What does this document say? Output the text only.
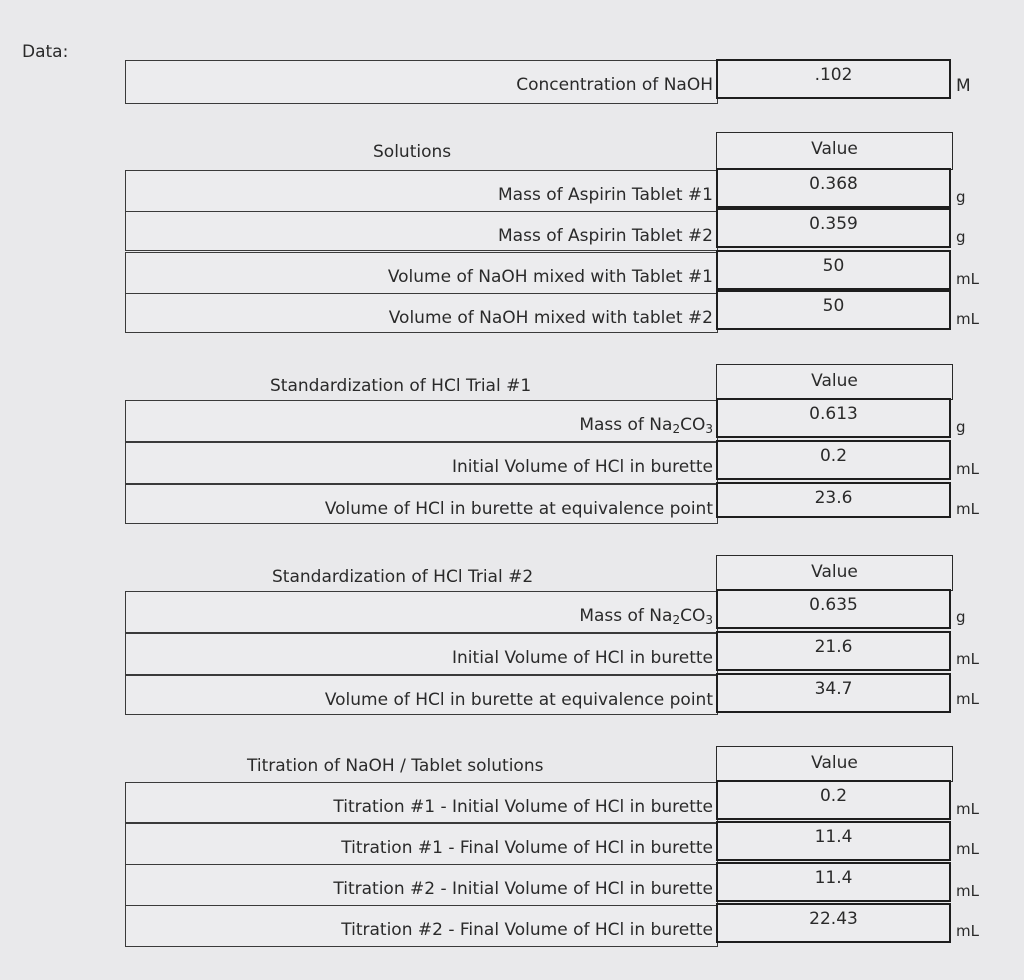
Data:
Concentration of NaOH	.102
M
Solutions	Value
Mass of Aspirin Tablet #1
0.368
g
Mass of Aspirin Tablet #2
0.359
g
Volume of NaOH mixed with Tablet #1
50
mL
Volume of NaOH mixed with tablet #2
50
mL
Standardization of HCl Trial #1	Value
Mass of $Na_2CO_3$
0.613
g
Initial Volume of HCl in burette
0.2
mL
Volume of HCl in burette at equivalence point
23.6
mL
Standardization of HCl Trial #2	Value
Mass of $Na_2CO_3$
0.635
g
Initial Volume of HCl in burette
21.6
mL
Volume of HCl in burette at equivalence point
34.7	mL
Titration of NaOH / Tablet solutions	Value
Titration #1 - Initial Volume of HCl in burette
0.2
mL
Titration #1 - Final Volume of HCl in burette
11.4
mL
Titration #2 - Initial Volume of HCl in burette
11.4
mL
Titration #2 - Final Volume of HCl in burette
22.43
mL
